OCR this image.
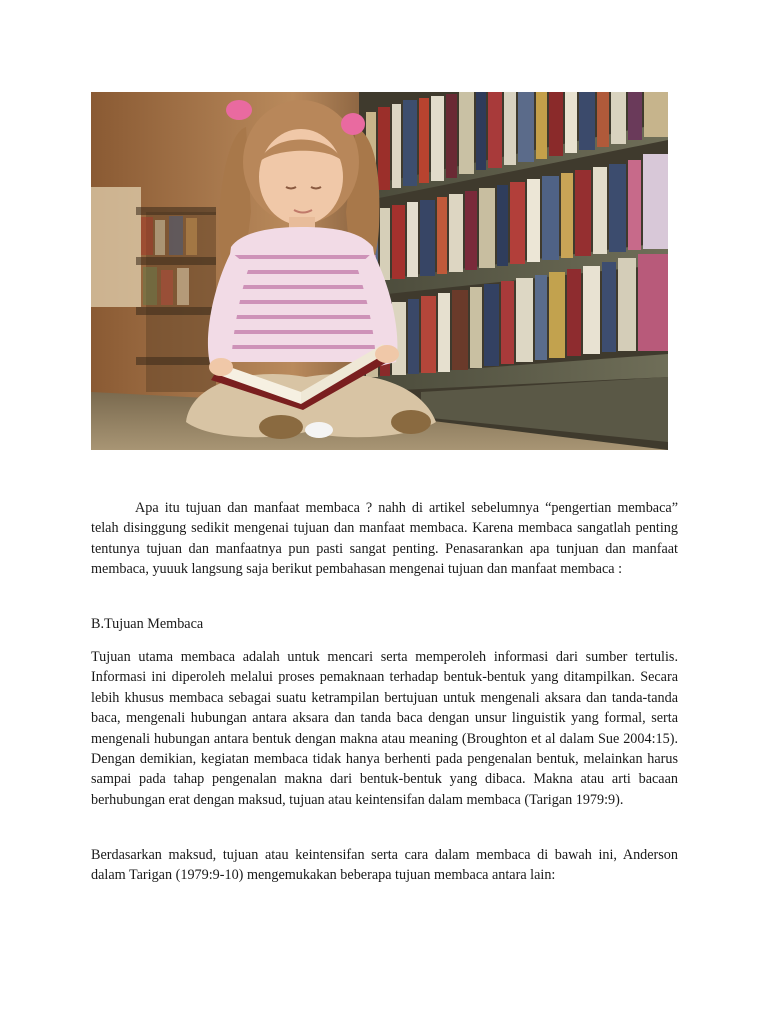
Apa itu tujuan dan manfaat membaca ? nahh di artikel sebelumnya “pengertian membaca” telah disinggung sedikit mengenai tujuan dan manfaat membaca. Karena membaca sangatlah penting tentunya tujuan dan manfaatnya pun pasti sangat penting. Penasarankan apa tunjuan dan manfaat membaca, yuuuk langsung saja berikut pembahasan mengenai tujuan dan manfaat membaca :

B.Tujuan Membaca

Tujuan utama membaca adalah untuk mencari serta memperoleh informasi dari sumber tertulis. Informasi ini diperoleh melalui proses pemaknaan terhadap bentuk-bentuk yang ditampilkan. Secara lebih khusus membaca sebagai suatu ketrampilan bertujuan untuk mengenali aksara dan tanda-tanda baca, mengenali hubungan antara aksara dan tanda baca dengan unsur linguistik yang formal, serta mengenali hubungan antara bentuk dengan makna atau meaning (Broughton et al dalam Sue 2004:15). Dengan demikian, kegiatan membaca tidak hanya berhenti pada pengenalan bentuk, melainkan harus sampai pada tahap pengenalan makna dari bentuk-bentuk yang dibaca. Makna atau arti bacaan berhubungan erat dengan maksud, tujuan atau keintensifan dalam membaca (Tarigan 1979:9).

Berdasarkan maksud, tujuan atau keintensifan serta cara dalam membaca di bawah ini, Anderson dalam Tarigan (1979:9-10) mengemukakan beberapa tujuan membaca antara lain:
